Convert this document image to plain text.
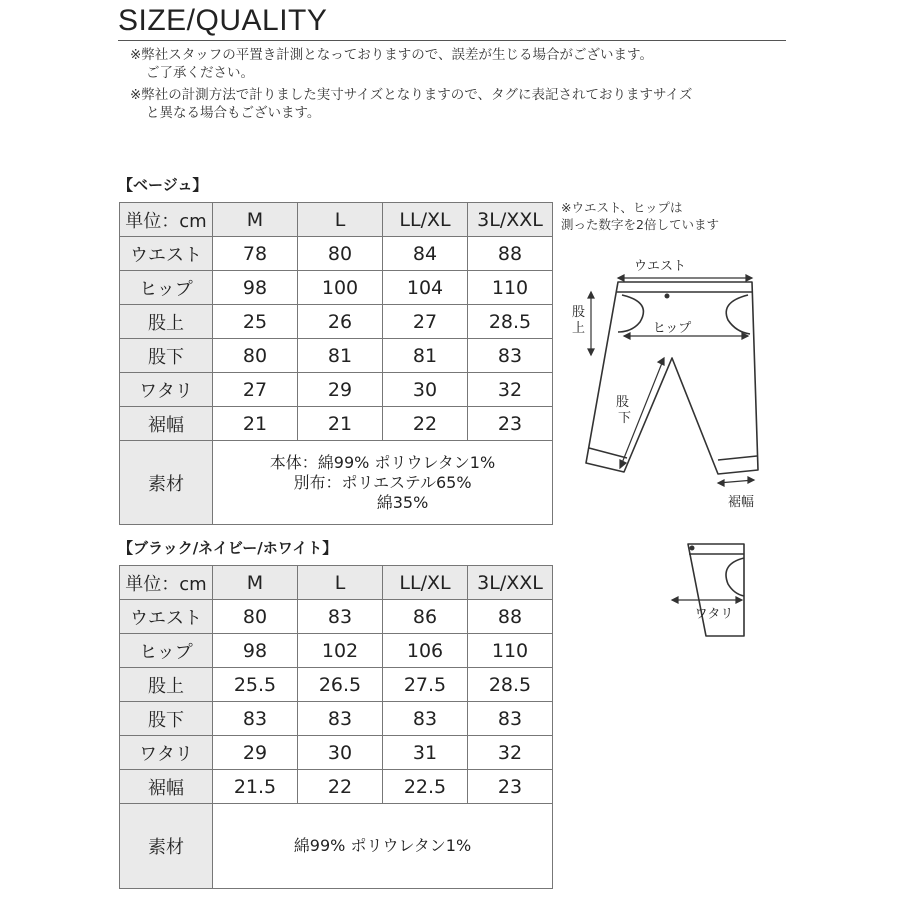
SIZE/QUALITY

※弊社スタッフの平置き計測となっておりますので、誤差が生じる場合がございます。

ご了承ください。

※弊社の計測方法で計りました実寸サイズとなりますので、タグに表記されておりますサイズ

と異なる場合もございます。

【ベージュ】
単位：cm	M	L	LL/XL	3L/XXL
ウエスト	78	80	84	88
ヒップ	98	100	104	110
股上	25	26	27	28.5
股下	80	81	81	83
ワタリ	27	29	30	32
裾幅	21	21	22	23
素材	本体：綿99% ポリウレタン1%
別布：ポリエステル65%
綿35%			
【ブラック/ネイビー/ホワイト】
単位：cm	M	L	LL/XL	3L/XXL
ウエスト	80	83	86	88
ヒップ	98	102	106	110
股上	25.5	26.5	27.5	28.5
股下	83	83	83	83
ワタリ	29	30	31	32
裾幅	21.5	22	22.5	23
素材	綿99% ポリウレタン1%			
※ウエスト、ヒップは
測った数字を2倍しています
ウエスト
ヒップ
股
上
股
下
裾幅
ワタリ
